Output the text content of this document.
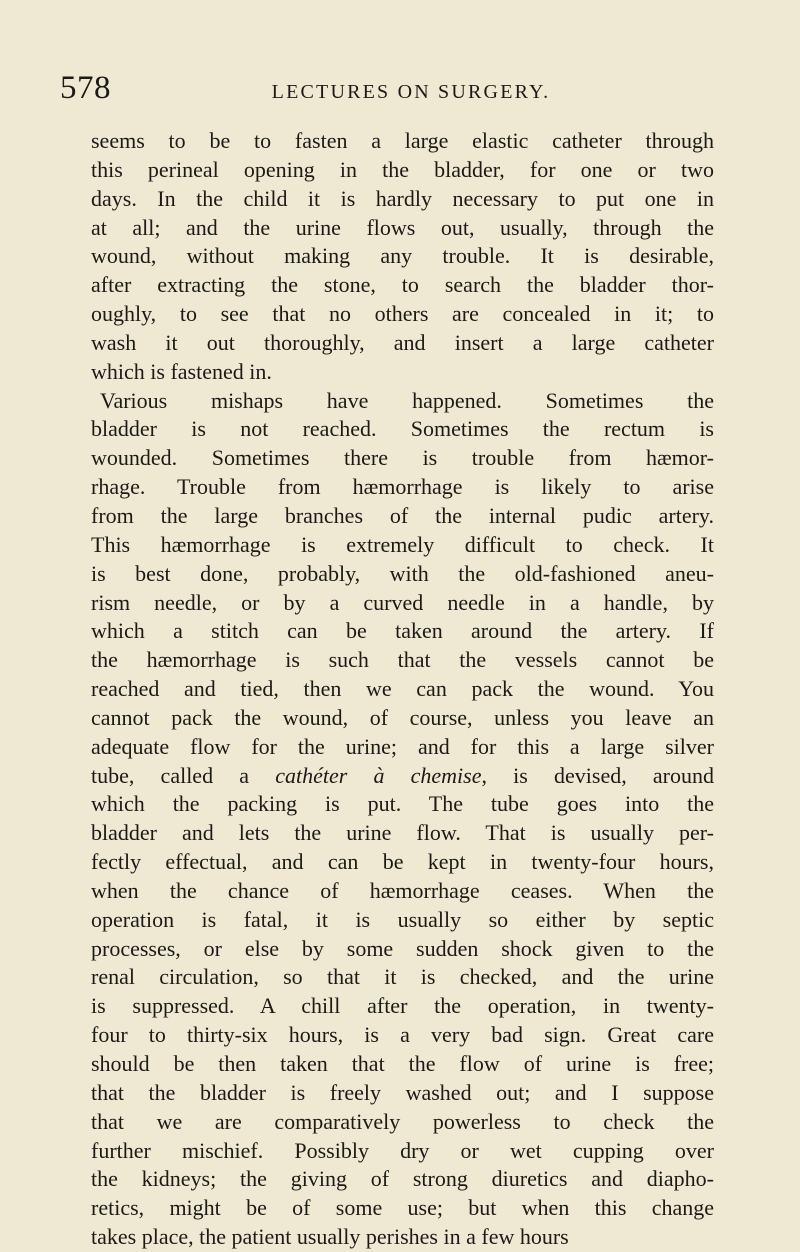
578	LECTURES ON SURGERY.
seems to be to fasten a large elastic catheter through
this perineal opening in the bladder, for one or two
days. In the child it is hardly necessary to put one in
at all; and the urine flows out, usually, through the
wound, without making any trouble. It is desirable,
after extracting the stone, to search the bladder thor-
oughly, to see that no others are concealed in it; to
wash it out thoroughly, and insert a large catheter
which is fastened in.
Various mishaps have happened. Sometimes the
bladder is not reached. Sometimes the rectum is
wounded. Sometimes there is trouble from hæmor-
rhage. Trouble from hæmorrhage is likely to arise
from the large branches of the internal pudic artery.
This hæmorrhage is extremely difficult to check. It
is best done, probably, with the old-fashioned aneu-
rism needle, or by a curved needle in a handle, by
which a stitch can be taken around the artery. If
the hæmorrhage is such that the vessels cannot be
reached and tied, then we can pack the wound. You
cannot pack the wound, of course, unless you leave an
adequate flow for the urine; and for this a large silver
tube, called a cathéter à chemise, is devised, around
which the packing is put. The tube goes into the
bladder and lets the urine flow. That is usually per-
fectly effectual, and can be kept in twenty-four hours,
when the chance of hæmorrhage ceases. When the
operation is fatal, it is usually so either by septic
processes, or else by some sudden shock given to the
renal circulation, so that it is checked, and the urine
is suppressed. A chill after the operation, in twenty-
four to thirty-six hours, is a very bad sign. Great care
should be then taken that the flow of urine is free;
that the bladder is freely washed out; and I suppose
that we are comparatively powerless to check the
further mischief. Possibly dry or wet cupping over
the kidneys; the giving of strong diuretics and diapho-
retics, might be of some use; but when this change
takes place, the patient usually perishes in a few hours
